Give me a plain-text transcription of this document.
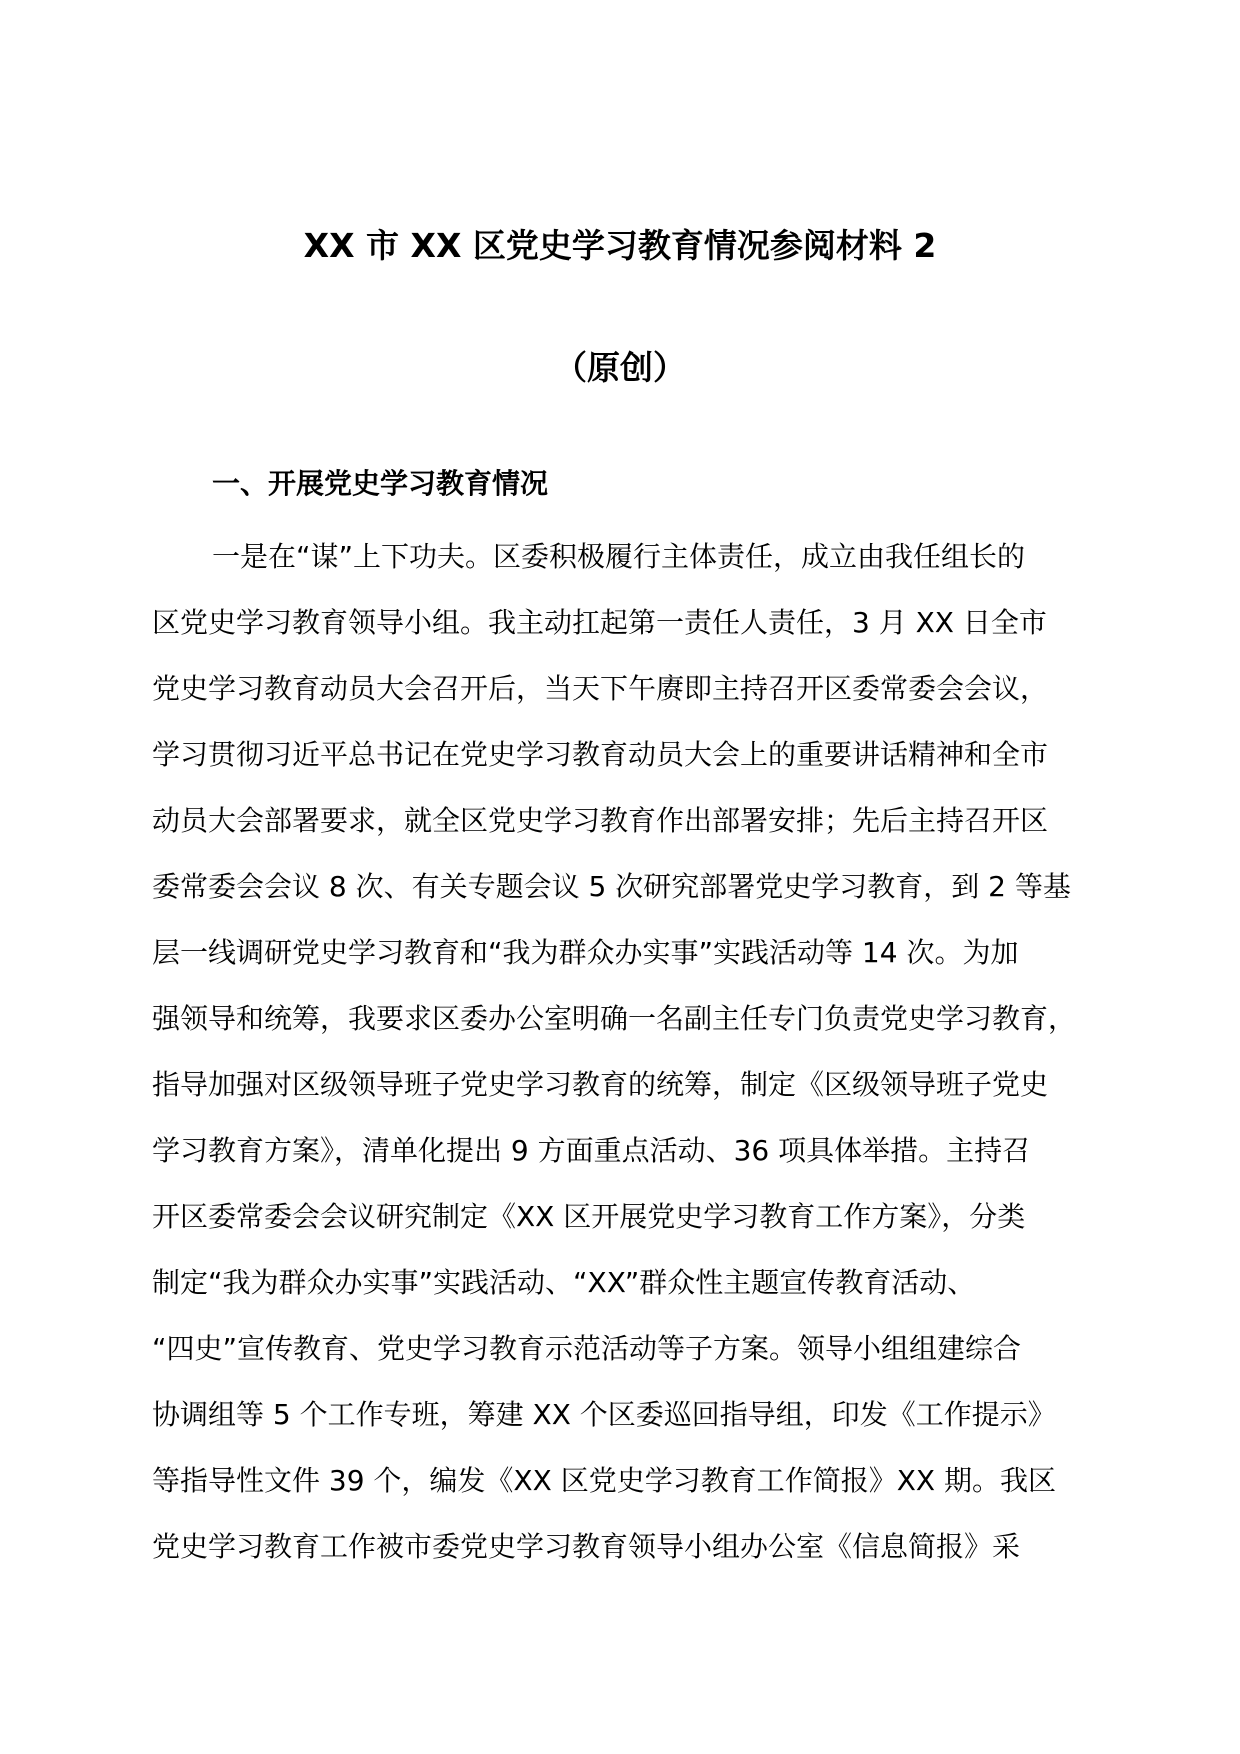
XX 市 XX 区党史学习教育情况参阅材料 2
（原创）
一、开展党史学习教育情况
一是在“谋”上下功夫。区委积极履行主体责任，成立由我任组长的
区党史学习教育领导小组。我主动扛起第一责任人责任，3 月 XX 日全市
党史学习教育动员大会召开后，当天下午赓即主持召开区委常委会会议，
学习贯彻习近平总书记在党史学习教育动员大会上的重要讲话精神和全市
动员大会部署要求，就全区党史学习教育作出部署安排；先后主持召开区
委常委会会议 8 次、有关专题会议 5 次研究部署党史学习教育，到 2 等基
层一线调研党史学习教育和“我为群众办实事”实践活动等 14 次。为加
强领导和统筹，我要求区委办公室明确一名副主任专门负责党史学习教育，
指导加强对区级领导班子党史学习教育的统筹，制定《区级领导班子党史
学习教育方案》，清单化提出 9 方面重点活动、36 项具体举措。主持召
开区委常委会会议研究制定《XX 区开展党史学习教育工作方案》，分类
制定“我为群众办实事”实践活动、“XX”群众性主题宣传教育活动、
“四史”宣传教育、党史学习教育示范活动等子方案。领导小组组建综合
协调组等 5 个工作专班，筹建 XX 个区委巡回指导组，印发《工作提示》
等指导性文件 39 个，编发《XX 区党史学习教育工作简报》XX 期。我区
党史学习教育工作被市委党史学习教育领导小组办公室《信息简报》采
